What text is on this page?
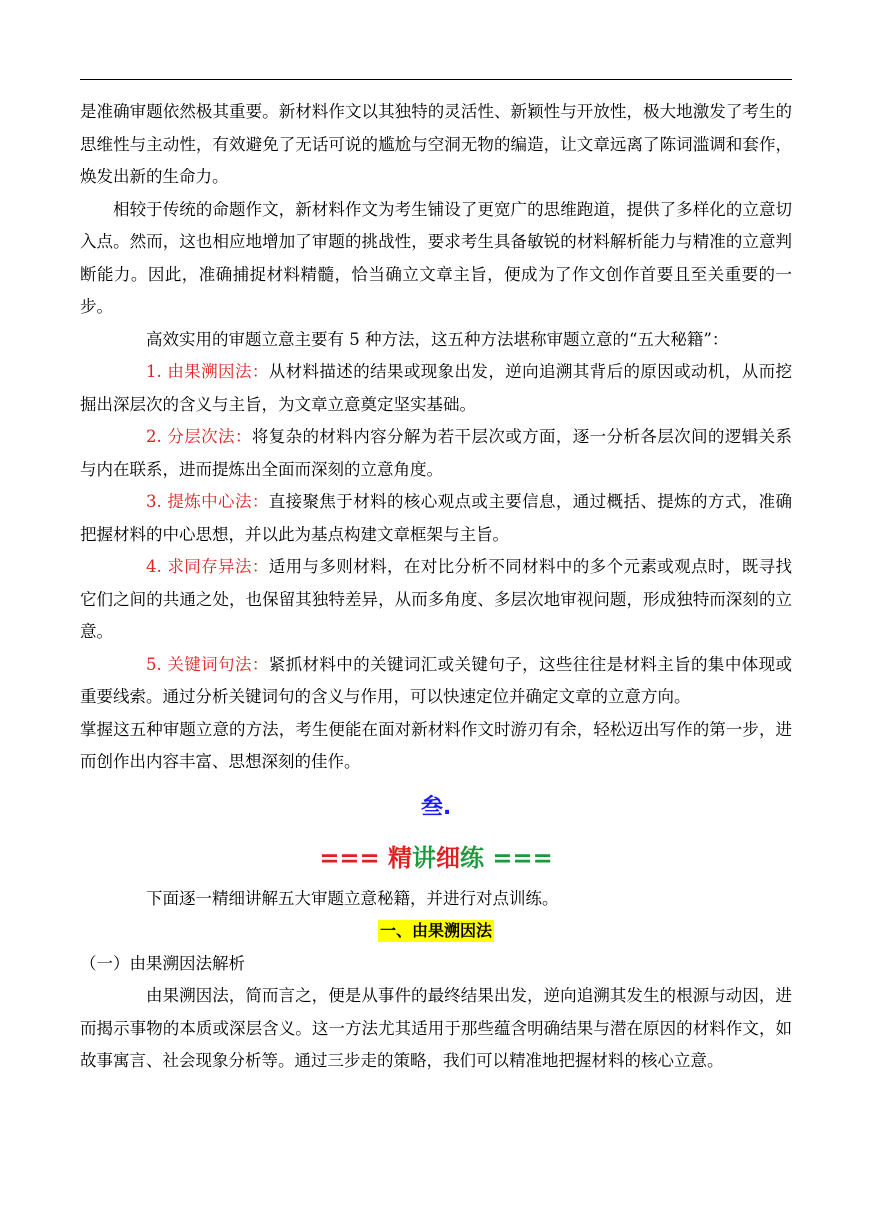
是准确审题依然极其重要。新材料作文以其独特的灵活性、新颖性与开放性，极大地激发了考生的思维性与主动性，有效避免了无话可说的尴尬与空洞无物的编造，让文章远离了陈词滥调和套作，焕发出新的生命力。

相较于传统的命题作文，新材料作文为考生铺设了更宽广的思维跑道，提供了多样化的立意切入点。然而，这也相应地增加了审题的挑战性，要求考生具备敏锐的材料解析能力与精准的立意判断能力。因此，准确捕捉材料精髓，恰当确立文章主旨，便成为了作文创作首要且至关重要的一步。

高效实用的审题立意主要有 5 种方法，这五种方法堪称审题立意的“五大秘籍”：

1. 由果溯因法：从材料描述的结果或现象出发，逆向追溯其背后的原因或动机，从而挖掘出深层次的含义与主旨，为文章立意奠定坚实基础。

2. 分层次法：将复杂的材料内容分解为若干层次或方面，逐一分析各层次间的逻辑关系与内在联系，进而提炼出全面而深刻的立意角度。

3. 提炼中心法：直接聚焦于材料的核心观点或主要信息，通过概括、提炼的方式，准确把握材料的中心思想，并以此为基点构建文章框架与主旨。

4. 求同存异法：适用与多则材料，在对比分析不同材料中的多个元素或观点时，既寻找它们之间的共通之处，也保留其独特差异，从而多角度、多层次地审视问题，形成独特而深刻的立意。

5. 关键词句法：紧抓材料中的关键词汇或关键句子，这些往往是材料主旨的集中体现或重要线索。通过分析关键词句的含义与作用，可以快速定位并确定文章的立意方向。

掌握这五种审题立意的方法，考生便能在面对新材料作文时游刃有余，轻松迈出写作的第一步，进而创作出内容丰富、思想深刻的佳作。

叁.
=== 精讲细练 ===

下面逐一精细讲解五大审题立意秘籍，并进行对点训练。

一、由果溯因法

（一）由果溯因法解析

由果溯因法，简而言之，便是从事件的最终结果出发，逆向追溯其发生的根源与动因，进而揭示事物的本质或深层含义。这一方法尤其适用于那些蕴含明确结果与潜在原因的材料作文，如故事寓言、社会现象分析等。通过三步走的策略，我们可以精准地把握材料的核心立意。
